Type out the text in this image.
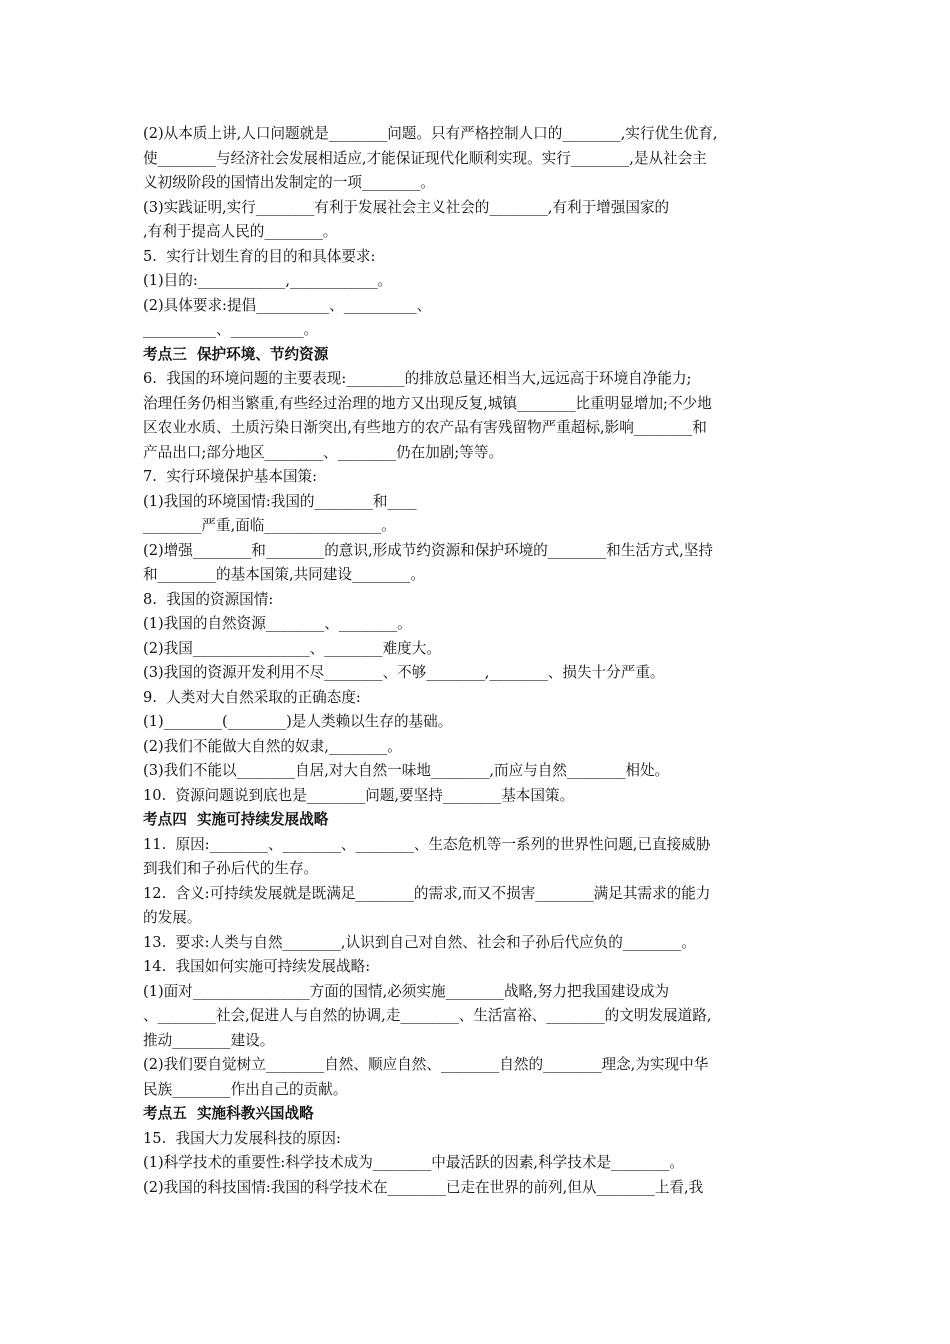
(2)从本质上讲,人口问题就是________问题。只有严格控制人口的________,实行优生优育,
使________与经济社会发展相适应,才能保证现代化顺利实现。实行________,是从社会主
义初级阶段的国情出发制定的一项________。
(3)实践证明,实行________有利于发展社会主义社会的________,有利于增强国家的
,有利于提高人民的________。
5.  实行计划生育的目的和具体要求:
(1)目的:____________,____________。
(2)具体要求:提倡__________、__________、
__________、__________。
考点三  保护环境、节约资源
6.  我国的环境问题的主要表现:________的排放总量还相当大,远远高于环境自净能力;
治理任务仍相当繁重,有些经过治理的地方又出现反复,城镇________比重明显增加;不少地
区农业水质、土质污染日渐突出,有些地方的农产品有害残留物严重超标,影响________和
产品出口;部分地区________、________仍在加剧;等等。
7.  实行环境保护基本国策:
(1)我国的环境国情:我国的________和____
________严重,面临________________。
(2)增强________和________的意识,形成节约资源和保护环境的________和生活方式,坚持
和________的基本国策,共同建设________。
8.  我国的资源国情:
(1)我国的自然资源________、________。
(2)我国________________、________难度大。
(3)我国的资源开发利用不尽________、不够________,________、损失十分严重。
9.  人类对大自然采取的正确态度:
(1)________(________)是人类赖以生存的基础。
(2)我们不能做大自然的奴隶,________。
(3)我们不能以________自居,对大自然一味地________,而应与自然________相处。
10.  资源问题说到底也是________问题,要坚持________基本国策。
考点四  实施可持续发展战略
11.  原因:________、________、________、生态危机等一系列的世界性问题,已直接威胁
到我们和子孙后代的生存。
12.  含义:可持续发展就是既满足________的需求,而又不损害________满足其需求的能力
的发展。
13.  要求:人类与自然________,认识到自己对自然、社会和子孙后代应负的________。
14.  我国如何实施可持续发展战略:
(1)面对________________方面的国情,必须实施________战略,努力把我国建设成为
、________社会,促进人与自然的协调,走________、生活富裕、________的文明发展道路,
推动________建设。
(2)我们要自觉树立________自然、顺应自然、________自然的________理念,为实现中华
民族________作出自己的贡献。
考点五  实施科教兴国战略
15.  我国大力发展科技的原因:
(1)科学技术的重要性:科学技术成为________中最活跃的因素,科学技术是________。
(2)我国的科技国情:我国的科学技术在________已走在世界的前列,但从________上看,我
